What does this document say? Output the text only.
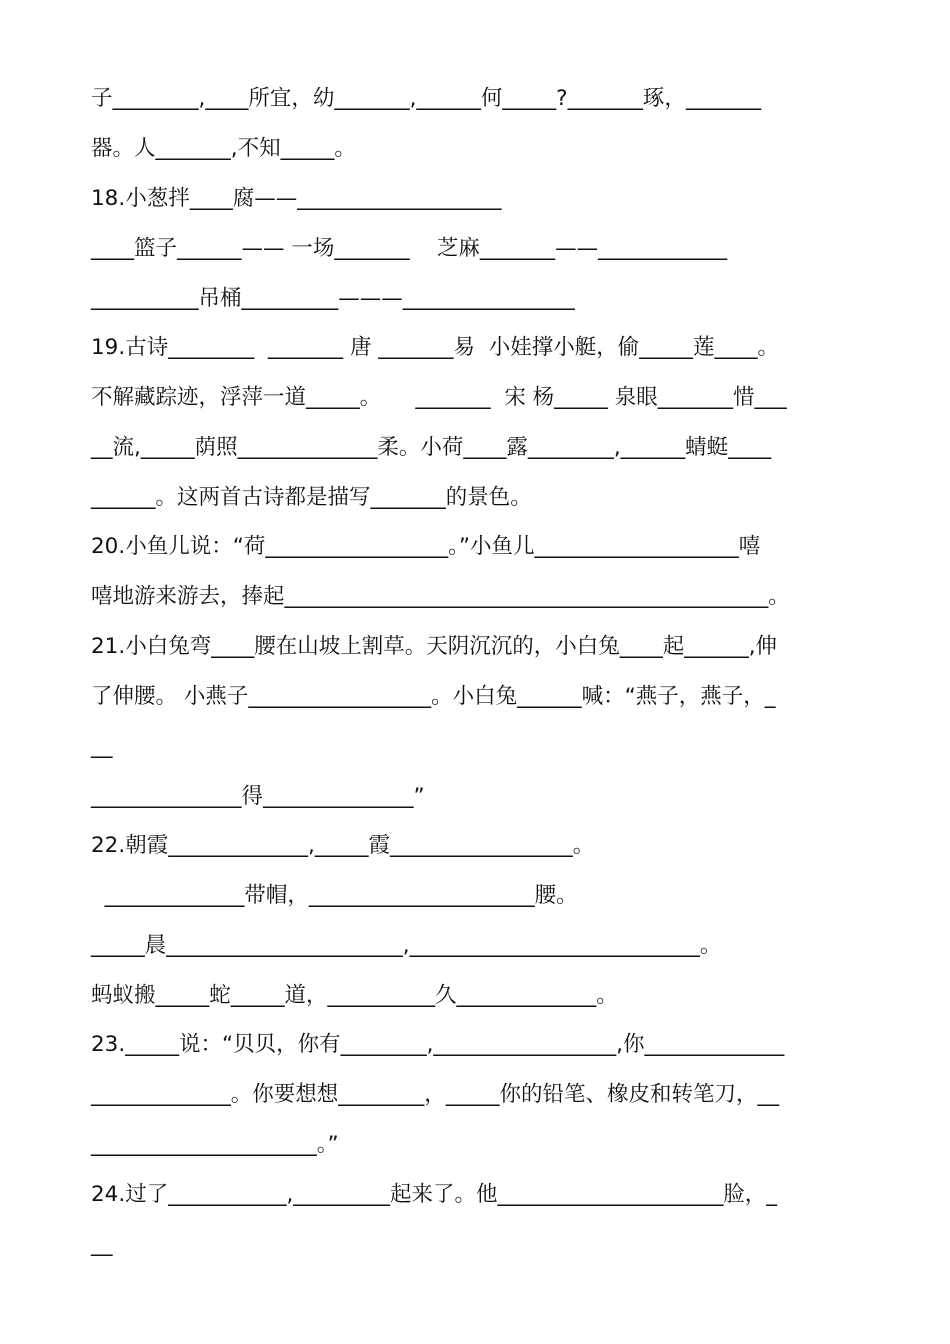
子________,____所宜，幼_______,______何_____?_______琢，_______
器。人_______,不知_____。
18.小葱拌____腐——___________________
____篮子______—— 一场_______    芝麻_______——____________
__________吊桶_________———________________
19.古诗________  _______ 唐 _______易  小娃撑小艇，偷_____莲____。
不解藏踪迹，浮萍一道_____。     _______  宋 杨_____ 泉眼_______惜___
__流,_____荫照_____________柔。小荷____露________,______蜻蜓____
______。这两首古诗都是描写_______的景色。
20.小鱼儿说：“荷_________________。”小鱼儿___________________嘻
嘻地游来游去，捧起_____________________________________________。
21.小白兔弯____腰在山坡上割草。天阴沉沉的，小白兔____起______,伸
了伸腰。 小燕子_________________。小白兔______喊：“燕子，燕子，_
__
______________得______________”
22.朝霞_____________,_____霞_________________。
_____________带帽，_____________________腰。
_____晨______________________,___________________________。
蚂蚁搬_____蛇_____道，__________久_____________。
23._____说：“贝贝，你有________,_________________,你_____________
_____________。你要想想________，_____你的铅笔、橡皮和转笔刀，__
_____________________。”
24.过了___________,_________起来了。他_____________________脸，_
__
